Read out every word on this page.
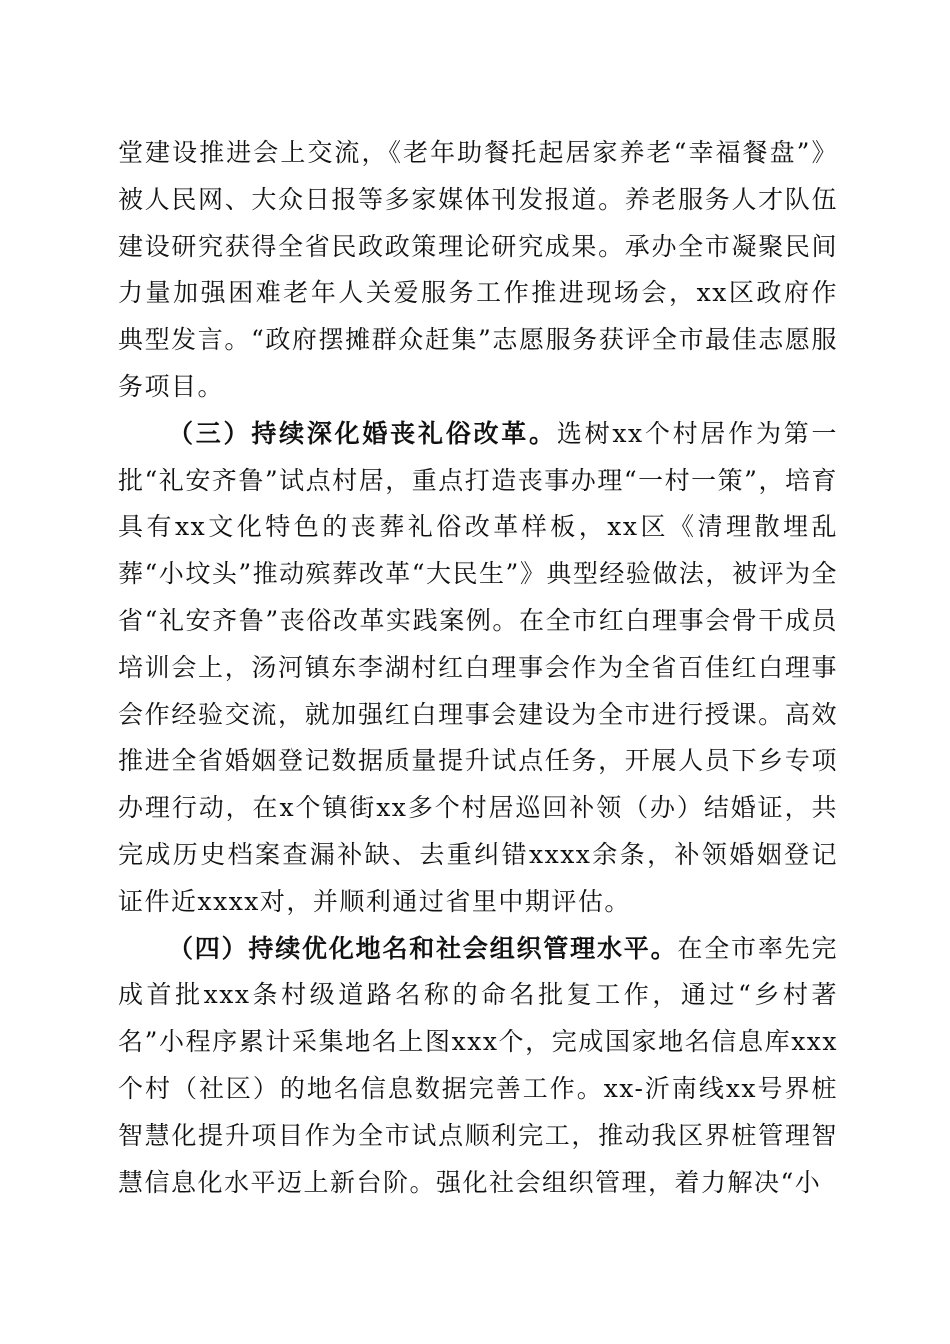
堂建设推进会上交流，《老年助餐托起居家养老“幸福餐盘”》被人民网、大众日报等多家媒体刊发报道。养老服务人才队伍建设研究获得全省民政政策理论研究成果。承办全市凝聚民间力量加强困难老年人关爱服务工作推进现场会，xx区政府作典型发言。“政府摆摊群众赶集”志愿服务获评全市最佳志愿服务项目。

（三）持续深化婚丧礼俗改革。选树xx个村居作为第一批“礼安齐鲁”试点村居，重点打造丧事办理“一村一策”，培育具有xx文化特色的丧葬礼俗改革样板，xx区《清理散埋乱葬“小坟头”推动殡葬改革“大民生”》典型经验做法，被评为全省“礼安齐鲁”丧俗改革实践案例。在全市红白理事会骨干成员培训会上，汤河镇东李湖村红白理事会作为全省百佳红白理事会作经验交流，就加强红白理事会建设为全市进行授课。高效推进全省婚姻登记数据质量提升试点任务，开展人员下乡专项办理行动，在x个镇街xx多个村居巡回补领（办）结婚证，共完成历史档案查漏补缺、去重纠错xxxx余条，补领婚姻登记证件近xxxx对，并顺利通过省里中期评估。

（四）持续优化地名和社会组织管理水平。在全市率先完成首批xxx条村级道路名称的命名批复工作，通过“乡村著名”小程序累计采集地名上图xxx个，完成国家地名信息库xxx个村（社区）的地名信息数据完善工作。xx-沂南线xx号界桩智慧化提升项目作为全市试点顺利完工，推动我区界桩管理智慧信息化水平迈上新台阶。强化社会组织管理，着力解决“小
